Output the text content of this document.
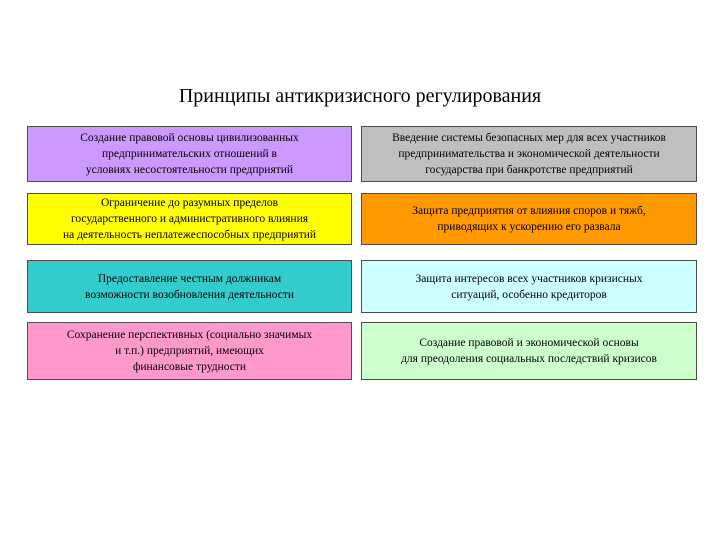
Принципы антикризисного регулирования
Создание правовой основы цивилизованных
предпринимательских отношений в
условиях несостоятельности предприятий
Введение системы безопасных мер для всех участников
предпринимательства и экономической деятельности
государства при банкротстве предприятий
Ограничение до разумных пределов
государственного и административного влияния
на деятельность неплатежеспособных предприятий
Защита предприятия от влияния споров и тяжб,
приводящих к ускорению его развала
Предоставление честным должникам
возможности возобновления деятельности
Защита интересов всех участников кризисных
ситуаций, особенно кредиторов
Сохранение перспективных (социально значимых
и т.п.) предприятий, имеющих
финансовые трудности
Создание правовой и экономической основы
для преодоления социальных последствий кризисов
